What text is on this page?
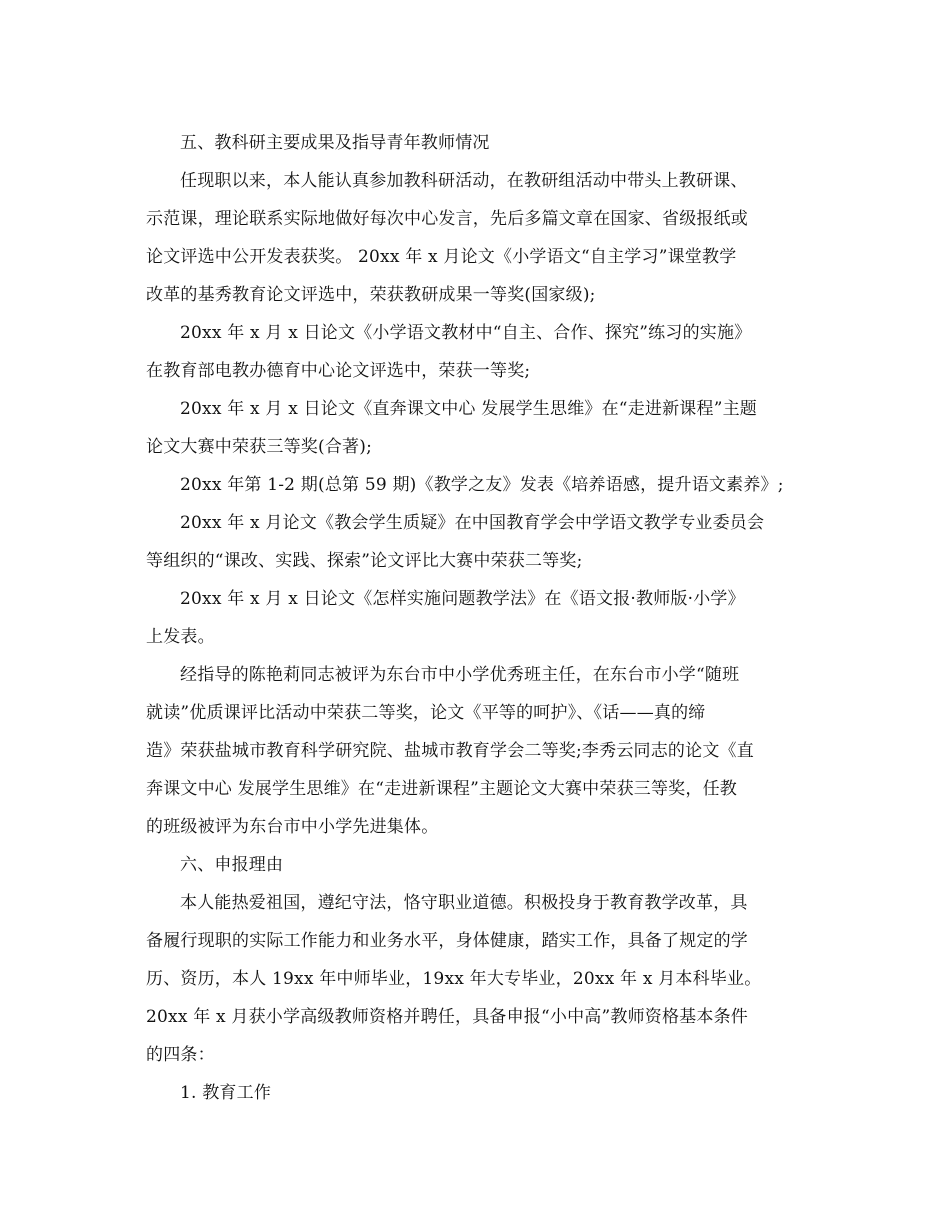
五、教科研主要成果及指导青年教师情况
任现职以来，本人能认真参加教科研活动，在教研组活动中带头上教研课、
示范课，理论联系实际地做好每次中心发言，先后多篇文章在国家、省级报纸或
论文评选中公开发表获奖。 20xx 年 x 月论文《小学语文“自主学习”课堂教学
改革的基秀教育论文评选中，荣获教研成果一等奖(国家级);
20xx 年 x 月 x 日论文《小学语文教材中“自主、合作、探究”练习的实施》
在教育部电教办德育中心论文评选中，荣获一等奖;
20xx 年 x 月 x 日论文《直奔课文中心 发展学生思维》在“走进新课程”主题
论文大赛中荣获三等奖(合著);
20xx 年第 1-2 期(总第 59 期)《教学之友》发表《培养语感，提升语文素养》;
20xx 年 x 月论文《教会学生质疑》在中国教育学会中学语文教学专业委员会
等组织的“课改、实践、探索”论文评比大赛中荣获二等奖;
20xx 年 x 月 x 日论文《怎样实施问题教学法》在《语文报·教师版·小学》
上发表。
经指导的陈艳莉同志被评为东台市中小学优秀班主任，在东台市小学“随班
就读”优质课评比活动中荣获二等奖，论文《平等的呵护》、《话——真的缔
造》荣获盐城市教育科学研究院、盐城市教育学会二等奖;李秀云同志的论文《直
奔课文中心 发展学生思维》在“走进新课程”主题论文大赛中荣获三等奖，任教
的班级被评为东台市中小学先进集体。
六、申报理由
本人能热爱祖国，遵纪守法，恪守职业道德。积极投身于教育教学改革，具
备履行现职的实际工作能力和业务水平，身体健康，踏实工作，具备了规定的学
历、资历，本人 19xx 年中师毕业，19xx 年大专毕业，20xx 年 x 月本科毕业。
20xx 年 x 月获小学高级教师资格并聘任，具备申报“小中高”教师资格基本条件
的四条：
1. 教育工作
